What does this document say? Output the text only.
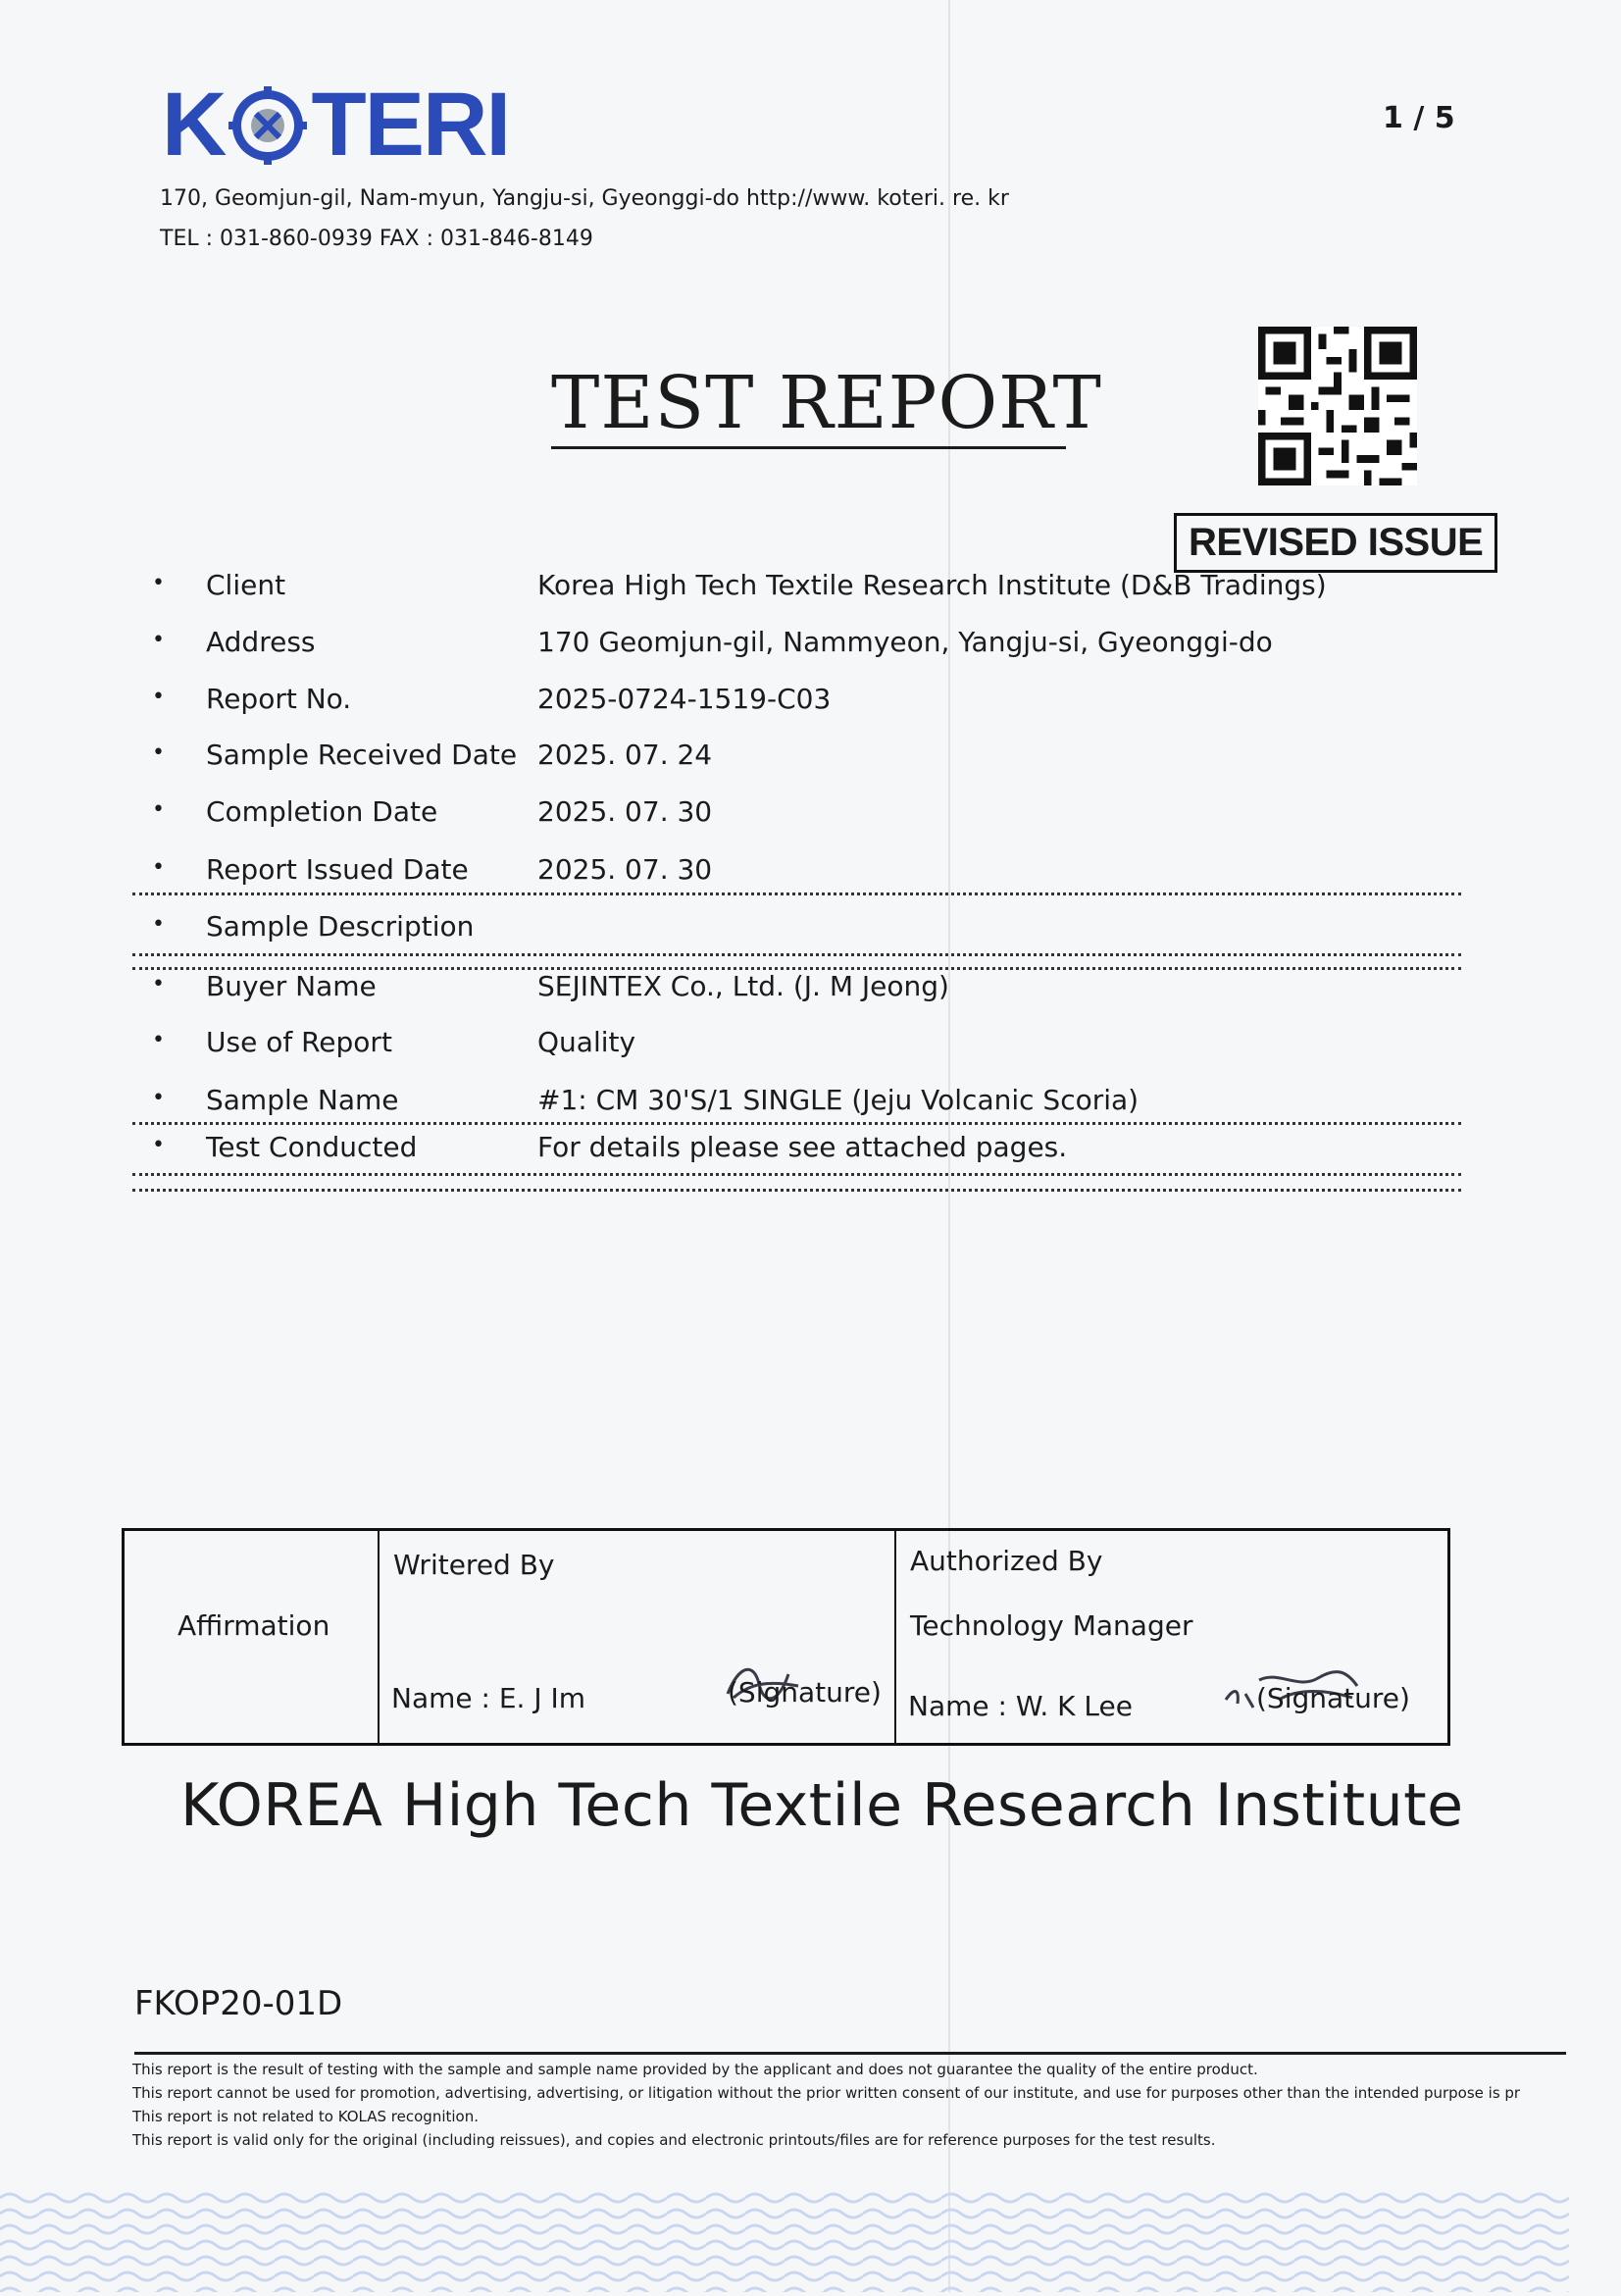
K TERI	1 / 5
170, Geomjun-gil, Nam-myun, Yangju-si, Gyeonggi-do http://www. koteri. re. kr
TEL : 031-860-0939 FAX : 031-846-8149
TEST REPORT
REVISED ISSUE
• Client	Korea High Tech Textile Research Institute (D&B Tradings)
• Address	170 Geomjun-gil, Nammyeon, Yangju-si, Gyeonggi-do
• Report No.	2025-0724-1519-C03
• Sample Received Date 2025. 07. 24
• Completion Date	2025. 07. 30
• Report Issued Date	2025. 07. 30
• Sample Description
• Buyer Name	SEJINTEX Co., Ltd. (J. M Jeong)
• Use of Report	Quality
• Sample Name	#1: CM 30'S/1 SINGLE (Jeju Volcanic Scoria)
• Test Conducted	For details please see attached pages.
Affirmation
Writered By
Name : E. J Im	(Signature)
Authorized By
Technology Manager
Name : W. K Lee	(Signature)
KOREA High Tech Textile Research Institute
FKOP20-01D
This report is the result of testing with the sample and sample name provided by the applicant and does not guarantee the quality of the entire product.
This report cannot be used for promotion, advertising, advertising, or litigation without the prior written consent of our institute, and use for purposes other than the intended purpose is pr
This report is not related to KOLAS recognition.
This report is valid only for the original (including reissues), and copies and electronic printouts/files are for reference purposes for the test results.
